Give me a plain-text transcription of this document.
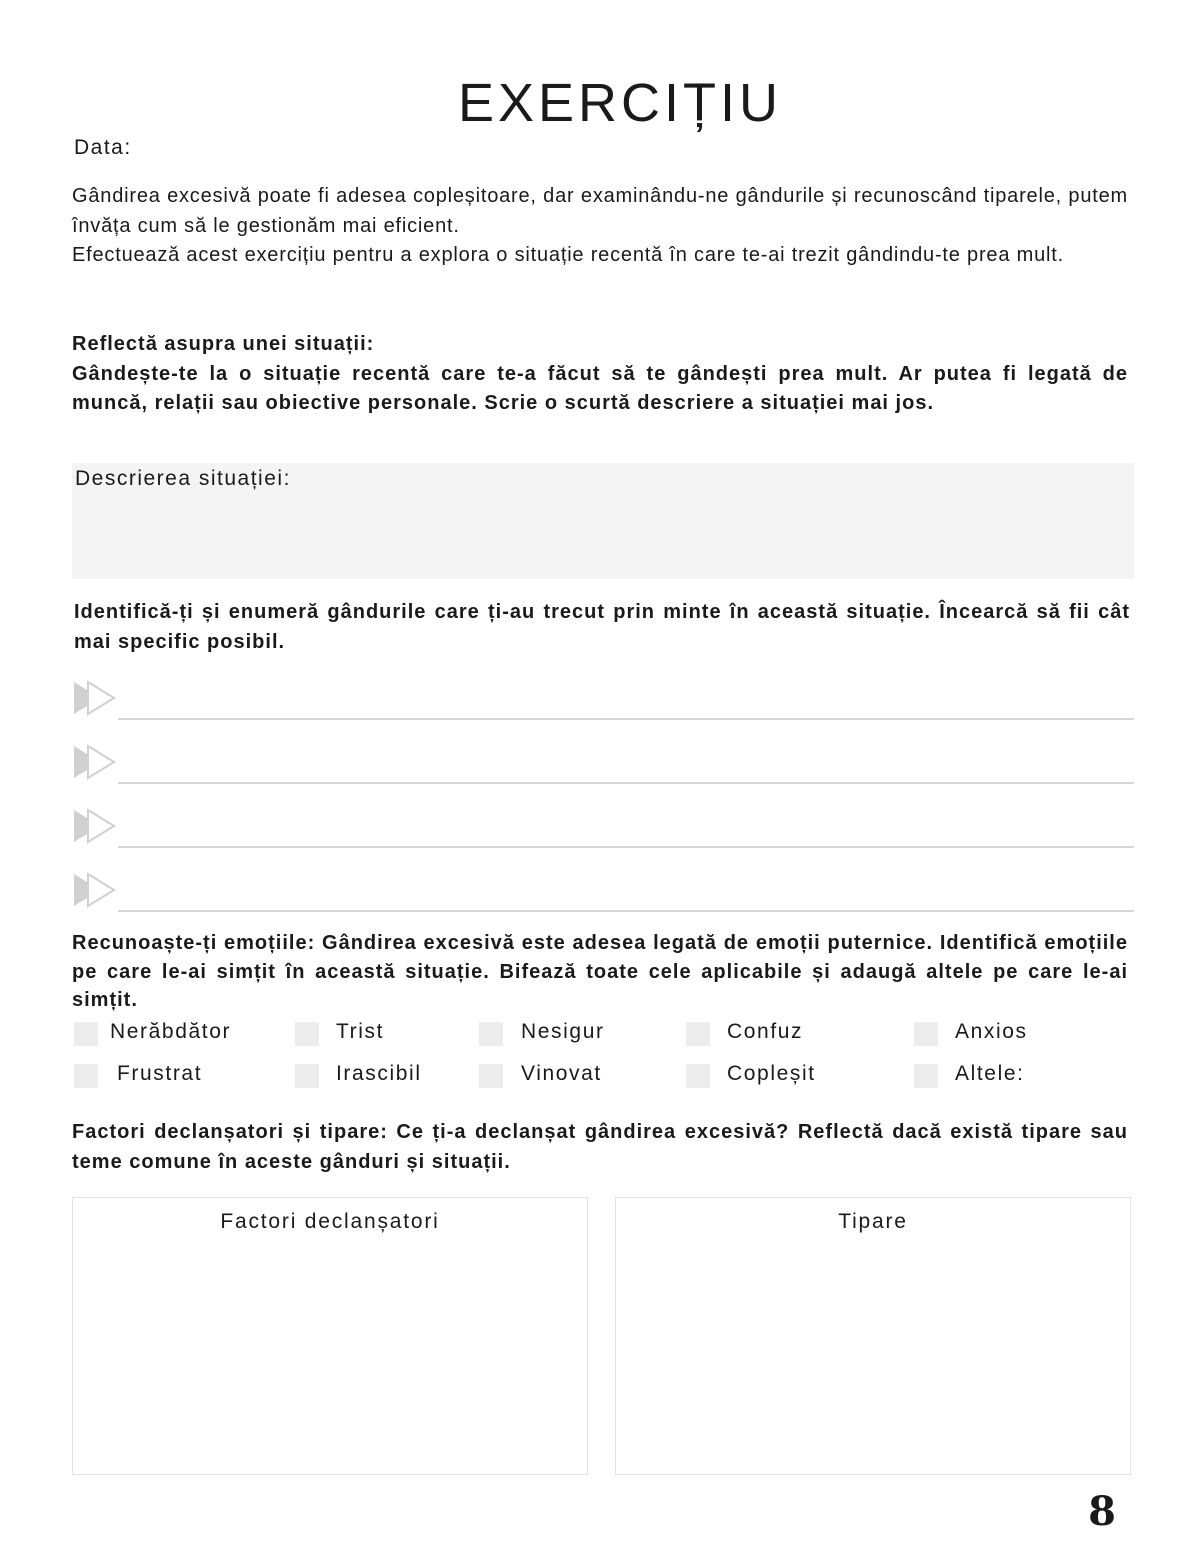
EXERCIȚIU
Data:

Gândirea excesivă poate fi adesea copleșitoare, dar examinându-ne gândurile și recunoscând tiparele, putem învăța cum să le gestionăm mai eficient.

Efectuează acest exercițiu pentru a explora o situație recentă în care te-ai trezit gândindu-te prea mult.

Reflectă asupra unei situații:

Gândește-te la o situație recentă care te-a făcut să te gândești prea mult. Ar putea fi legată de muncă, relații sau obiective personale. Scrie o scurtă descriere a situației mai jos.

Descrierea situației:
Identifică-ți și enumeră gândurile care ți-au trecut prin minte în această situație. Încearcă să fii cât mai specific posibil.
Recunoaște-ți emoțiile: Gândirea excesivă este adesea legată de emoții puternice. Identifică emoțiile pe care le-ai simțit în această situație. Bifează toate cele aplicabile și adaugă altele pe care le-ai simțit.
Nerăbdător	Trist	Nesigur	Confuz	Anxios
Frustrat	Irascibil	Vinovat	Copleșit	Altele:
Factori declanșatori și tipare: Ce ți-a declanșat gândirea excesivă? Reflectă dacă există tipare sau teme comune în aceste gânduri și situații.
Factori declanșatori	Tipare
8
